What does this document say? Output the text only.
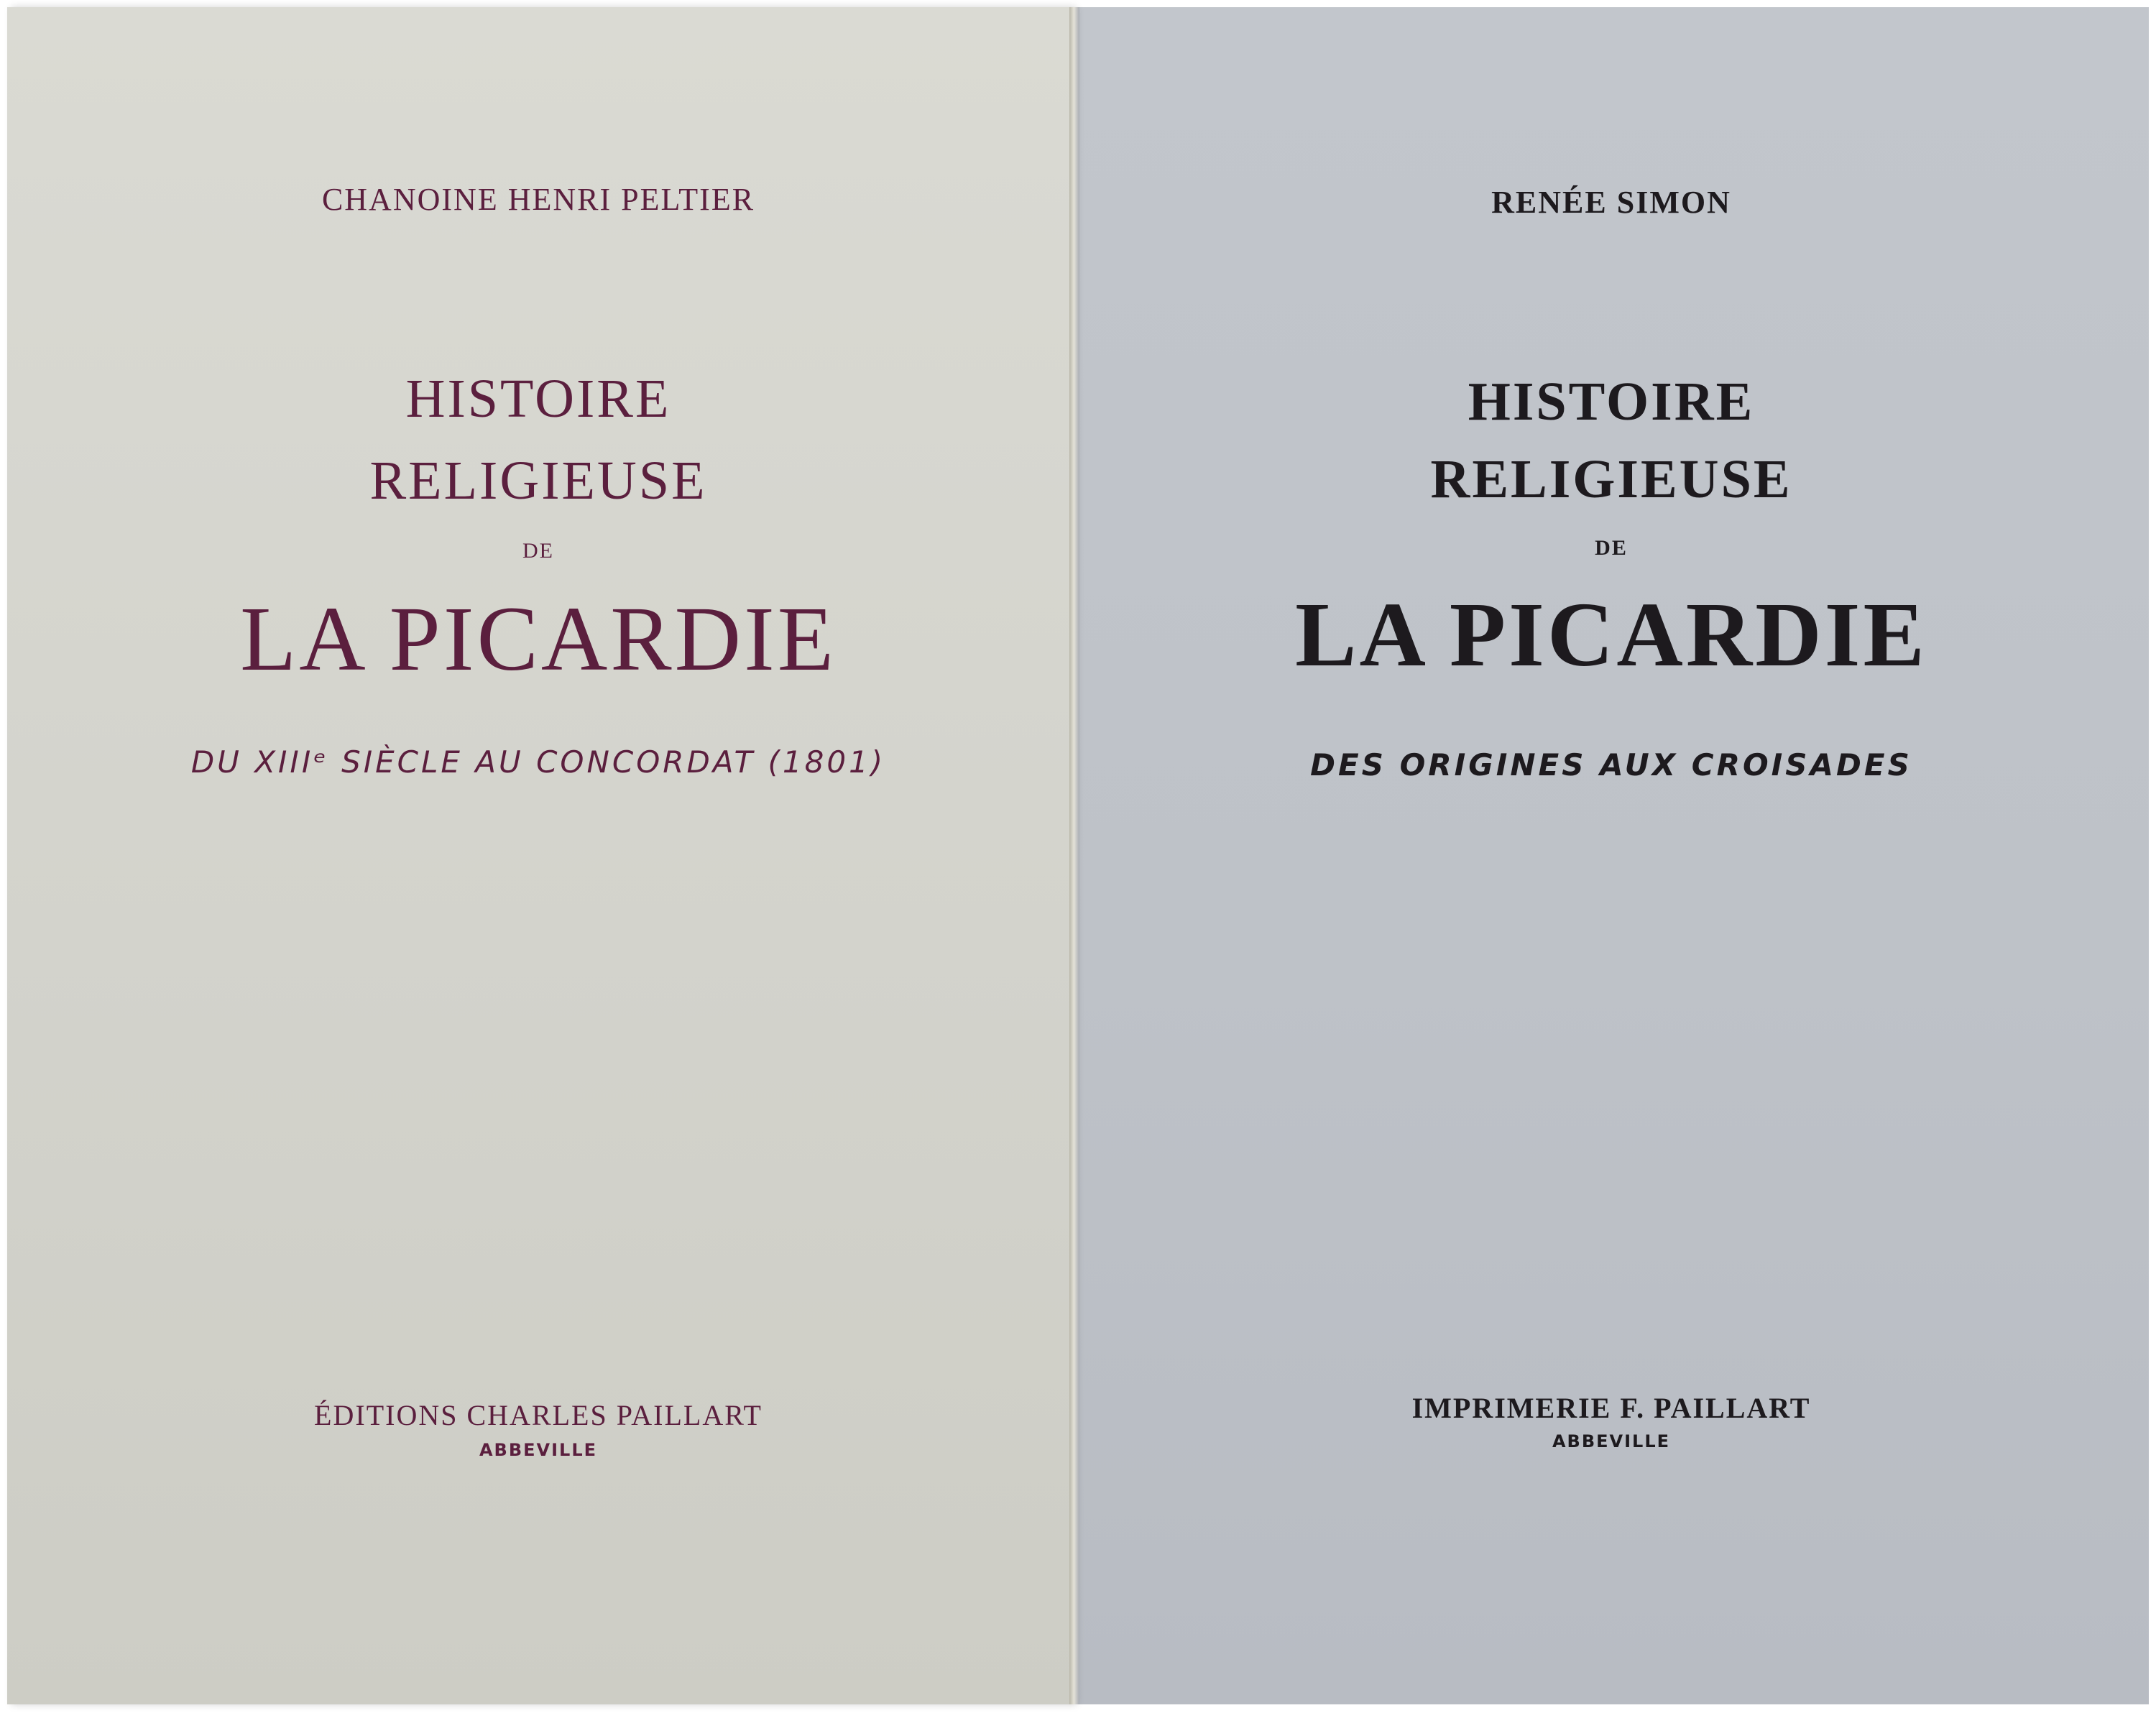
CHANOINE HENRI PELTIER
HISTOIRE
RELIGIEUSE
DE
LA PICARDIE
DU XIIIᵉ SIÈCLE AU CONCORDAT (1801)
ÉDITIONS CHARLES PAILLART
ABBEVILLE
RENÉE SIMON
HISTOIRE
RELIGIEUSE
DE
LA PICARDIE
DES ORIGINES AUX CROISADES
IMPRIMERIE F. PAILLART
ABBEVILLE
